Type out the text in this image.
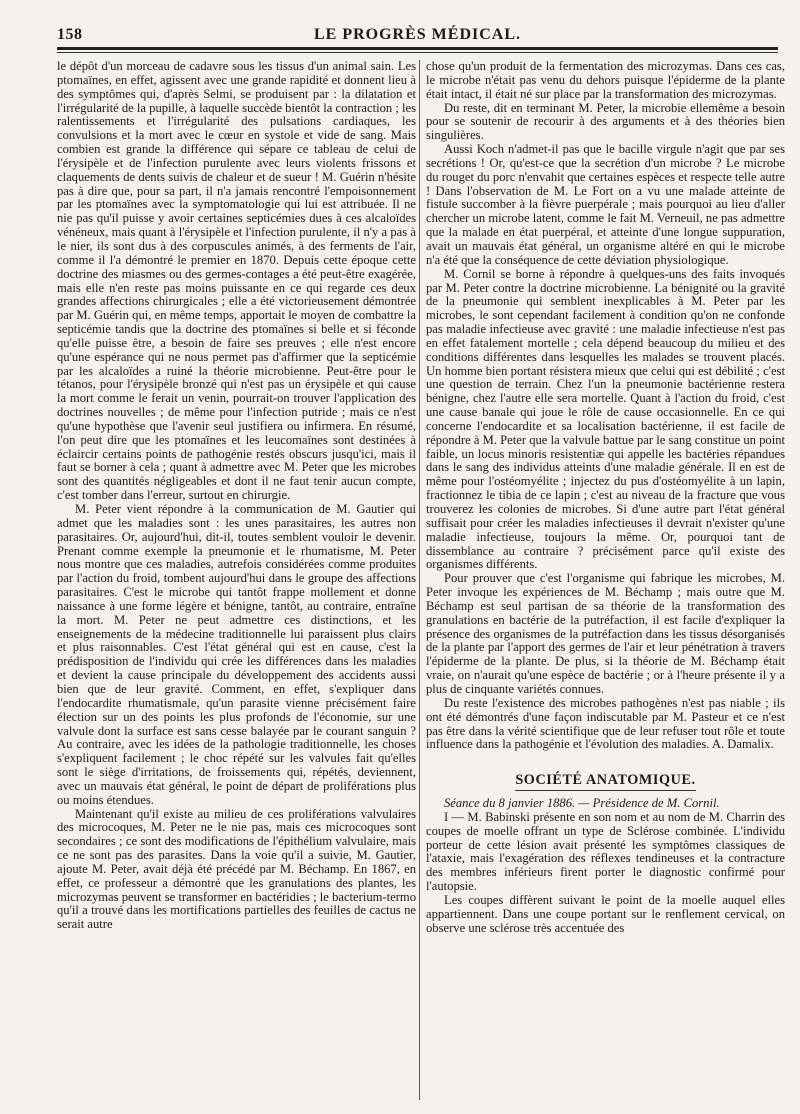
158	LE PROGRÈS MÉDICAL.

le dépôt d'un morceau de cadavre sous les tissus d'un animal sain. Les ptomaïnes, en effet, agissent avec une grande rapidité et donnent lieu à des symptômes qui, d'après Selmi, se produisent par : la dilatation et l'irrégularité de la pupille, à laquelle succède bientôt la contraction ; les ralentissements et l'irrégularité des pulsations cardiaques, les convulsions et la mort avec le cœur en systole et vide de sang. Mais combien est grande la différence qui sépare ce tableau de celui de l'érysipèle et de l'infection purulente avec leurs violents frissons et claquements de dents suivis de chaleur et de sueur ! M. Guérin n'hésite pas à dire que, pour sa part, il n'a jamais rencontré l'empoisonnement par les ptomaïnes avec la symptomatologie qui lui est attribuée. Il ne nie pas qu'il puisse y avoir certaines septicémies dues à ces alcaloïdes vénéneux, mais quant à l'érysipèle et l'infection purulente, il n'y a pas à le nier, ils sont dus à des corpuscules animés, à des ferments de l'air, comme il l'a démontré le premier en 1870. Depuis cette époque cette doctrine des miasmes ou des germes-contages a été peut-être exagérée, mais elle n'en reste pas moins puissante en ce qui regarde ces deux grandes affections chirurgicales ; elle a été victorieusement démontrée par M. Guérin qui, en même temps, apportait le moyen de combattre la septicémie tandis que la doctrine des ptomaïnes si belle et si féconde qu'elle puisse être, a besoin de faire ses preuves ; elle n'est encore qu'une espérance qui ne nous permet pas d'affirmer que la septicémie par les alcaloïdes a ruiné la théorie microbienne. Peut-être pour le tétanos, pour l'érysipèle bronzé qui n'est pas un érysipèle et qui cause la mort comme le ferait un venin, pourrait-on trouver l'application des doctrines nouvelles ; de même pour l'infection putride ; mais ce n'est qu'une hypothèse que l'avenir seul justifiera ou infirmera. En résumé, l'on peut dire que les ptomaïnes et les leucomaïnes sont destinées à éclaircir certains points de pathogénie restés obscurs jusqu'ici, mais il faut se borner à cela ; quant à admettre avec M. Peter que les microbes sont des quantités négligeables et dont il ne faut tenir aucun compte, c'est tomber dans l'erreur, surtout en chirurgie.

M. Peter vient répondre à la communication de M. Gautier qui admet que les maladies sont : les unes parasitaires, les autres non parasitaires. Or, aujourd'hui, dit-il, toutes semblent vouloir le devenir. Prenant comme exemple la pneumonie et le rhumatisme, M. Peter nous montre que ces maladies, autrefois considérées comme produites par l'action du froid, tombent aujourd'hui dans le groupe des affections parasitaires. C'est le microbe qui tantôt frappe mollement et donne naissance à une forme légère et bénigne, tantôt, au contraire, entraîne la mort. M. Peter ne peut admettre ces distinctions, et les enseignements de la médecine traditionnelle lui paraissent plus clairs et plus raisonnables. C'est l'état général qui est en cause, c'est la prédisposition de l'individu qui crée les différences dans les maladies et devient la cause principale du développement des accidents aussi bien que de leur gravité. Comment, en effet, s'expliquer dans l'endocardite rhumatismale, qu'un parasite vienne précisément faire élection sur un des points les plus profonds de l'économie, sur une valvule dont la surface est sans cesse balayée par le courant sanguin ? Au contraire, avec les idées de la pathologie traditionnelle, les choses s'expliquent facilement ; le choc répété sur les valvules fait qu'elles sont le siège d'irritations, de froissements qui, répétés, deviennent, avec un mauvais état général, le point de départ de proliférations plus ou moins étendues.

Maintenant qu'il existe au milieu de ces proliférations valvulaires des microcoques, M. Peter ne le nie pas, mais ces microcoques sont secondaires ; ce sont des modifications de l'épithélium valvulaire, mais ce ne sont pas des parasites. Dans la voie qu'il a suivie, M. Gautier, ajoute M. Peter, avait déjà été précédé par M. Béchamp. En 1867, en effet, ce professeur a démontré que les granulations des plantes, les microzymas peuvent se transformer en bactéridies ; le bacterium-termo qu'il a trouvé dans les mortifications partielles des feuilles de cactus ne serait autre

chose qu'un produit de la fermentation des microzymas. Dans ces cas, le microbe n'était pas venu du dehors puisque l'épiderme de la plante était intact, il était né sur place par la transformation des microzymas.

Du reste, dit en terminant M. Peter, la microbie ellemême a besoin pour se soutenir de recourir à des arguments et à des théories bien singulières.

Aussi Koch n'admet-il pas que le bacille virgule n'agit que par ses secrétions ! Or, qu'est-ce que la secrétion d'un microbe ? Le microbe du rouget du porc n'envahit que certaines espèces et respecte telle autre ! Dans l'observation de M. Le Fort on a vu une malade atteinte de fistule succomber à la fièvre puerpérale ; mais pourquoi au lieu d'aller chercher un microbe latent, comme le fait M. Verneuil, ne pas admettre que la malade en état puerpéral, et atteinte d'une longue suppuration, avait un mauvais état général, un organisme altéré en qui le microbe n'a été que la conséquence de cette déviation physiologique.

M. Cornil se borne à répondre à quelques-uns des faits invoqués par M. Peter contre la doctrine microbienne. La bénignité ou la gravité de la pneumonie qui semblent inexplicables à M. Peter par les microbes, le sont cependant facilement à condition qu'on ne confonde pas maladie infectieuse avec gravité : une maladie infectieuse n'est pas en effet fatalement mortelle ; cela dépend beaucoup du milieu et des conditions différentes dans lesquelles les malades se trouvent placés. Un homme bien portant résistera mieux que celui qui est débilité ; c'est une question de terrain. Chez l'un la pneumonie bactérienne restera bénigne, chez l'autre elle sera mortelle. Quant à l'action du froid, c'est une cause banale qui joue le rôle de cause occasionnelle. En ce qui concerne l'endocardite et sa localisation bactérienne, il est facile de répondre à M. Peter que la valvule battue par le sang constitue un point faible, un locus minoris resistentiæ qui appelle les bactéries répandues dans le sang des individus atteints d'une maladie générale. Il en est de même pour l'ostéomyélite ; injectez du pus d'ostéomyélite à un lapin, fractionnez le tibia de ce lapin ; c'est au niveau de la fracture que vous trouverez les colonies de microbes. Si d'une autre part l'état général suffisait pour créer les maladies infectieuses il devrait n'exister qu'une maladie infectieuse, toujours la même. Or, pourquoi tant de dissemblance au contraire ? précisément parce qu'il existe des organismes différents.

Pour prouver que c'est l'organisme qui fabrique les microbes, M. Peter invoque les expériences de M. Béchamp ; mais outre que M. Béchamp est seul partisan de sa théorie de la transformation des granulations en bactérie de la putréfaction, il est facile d'expliquer la présence des organismes de la putréfaction dans les tissus désorganisés de la plante par l'apport des germes de l'air et leur pénétration à travers l'épiderme de la plante. De plus, si la théorie de M. Béchamp était vraie, on n'aurait qu'une espèce de bactérie ; or à l'heure présente il y a plus de cinquante variétés connues.

Du reste l'existence des microbes pathogènes n'est pas niable ; ils ont été démontrés d'une façon indiscutable par M. Pasteur et ce n'est pas être dans la vérité scientifique que de leur refuser tout rôle et toute influence dans la pathogénie et l'évolution des maladies. A. Damalix.

SOCIÉTÉ ANATOMIQUE.

Séance du 8 janvier 1886. — Présidence de M. Cornil.

I — M. Babinski présente en son nom et au nom de M. Charrin des coupes de moelle offrant un type de Sclérose combinée. L'individu porteur de cette lésion avait présenté les symptômes classiques de l'ataxie, mais l'exagération des réflexes tendineuses et la contracture des membres inférieurs firent porter le diagnostic confirmé pour l'autopsie.

Les coupes diffèrent suivant le point de la moelle auquel elles appartiennent. Dans une coupe portant sur le renflement cervical, on observe une sclérose très accentuée des
